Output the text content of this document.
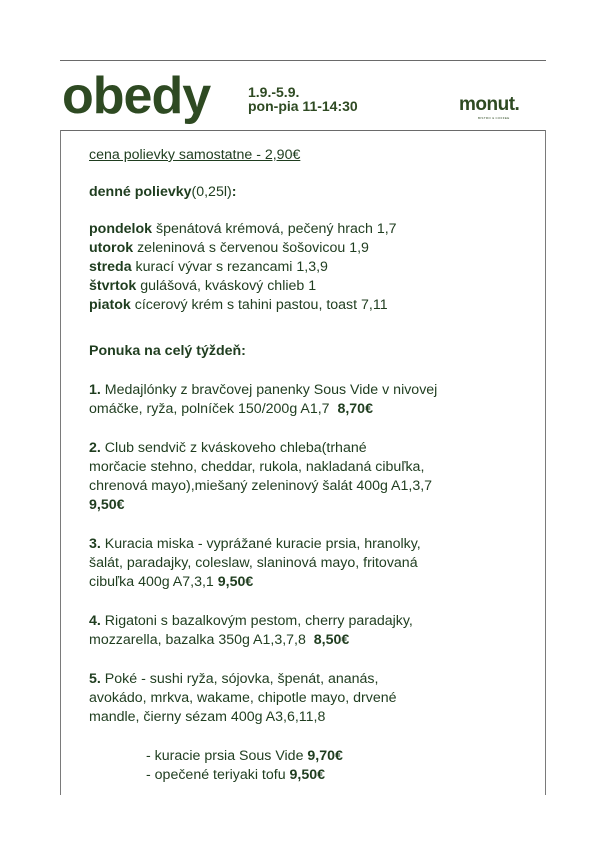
obedy	1.9.-5.9.
pon-pia 11-14:30	monut.
BISTRO & COFFEE

cena polievky samostatne - 2,90€

denné polievky(0,25l):

pondelok špenátová krémová, pečený hrach 1,7

utorok zeleninová s červenou šošovicou 1,9

streda kurací vývar s rezancami 1,3,9

štvrtok gulášová, kváskový chlieb 1

piatok cícerový krém s tahini pastou, toast 7,11

Ponuka na celý týždeň:

1. Medajlónky z bravčovej panenky Sous Vide v nivovej

omáčke, ryža, polníček 150/200g A1,7 8,70€

2. Club sendvič z kváskoveho chleba(trhané

morčacie stehno, cheddar, rukola, nakladaná cibuľka,

chrenová mayo),miešaný zeleninový šalát 400g A1,3,7

9,50€

3. Kuracia miska - vyprážané kuracie prsia, hranolky,

šalát, paradajky, coleslaw, slaninová mayo, fritovaná

cibuľka 400g A7,3,1 9,50€

4. Rigatoni s bazalkovým pestom, cherry paradajky,

mozzarella, bazalka 350g A1,3,7,8 8,50€

5. Poké - sushi ryža, sójovka, špenát, ananás,

avokádo, mrkva, wakame, chipotle mayo, drvené

mandle, čierny sézam 400g A3,6,11,8

- kuracie prsia Sous Vide 9,70€

- opečené teriyaki tofu 9,50€
